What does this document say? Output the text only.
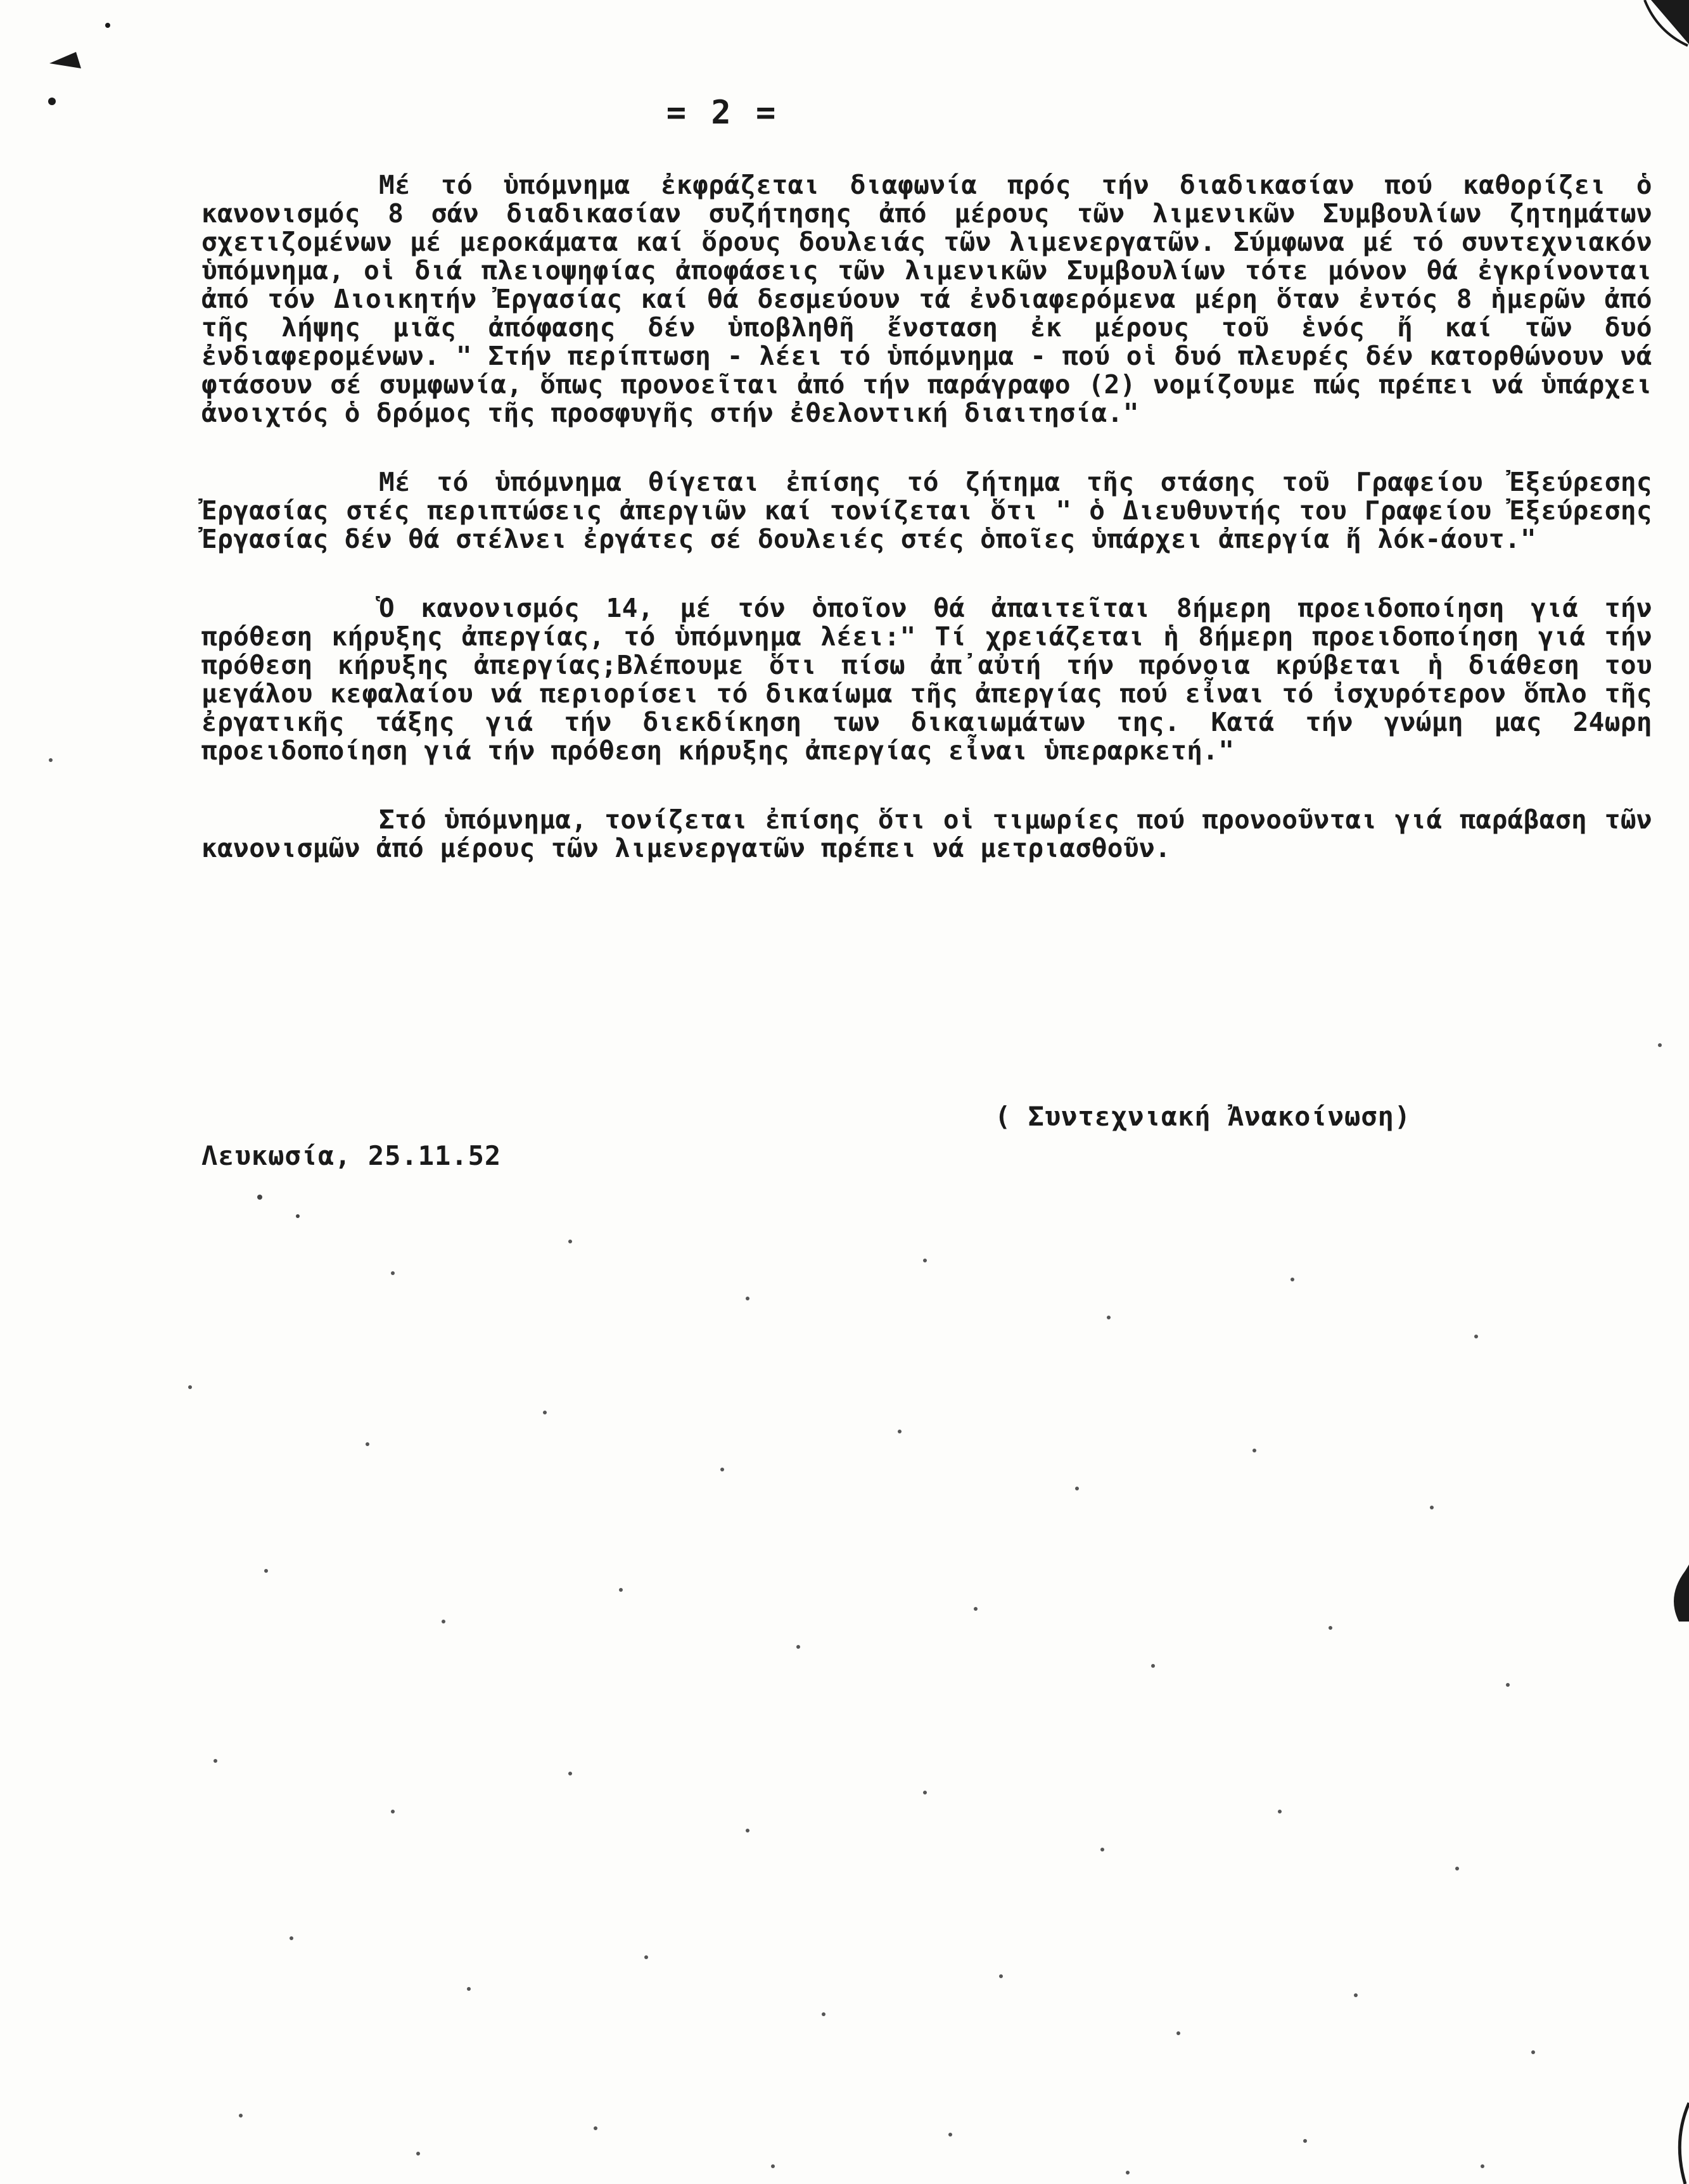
= 2 =

Μέ τό ὑπόμνημα ἐκφράζεται διαφωνία πρός τήν διαδικασίαν πού καθορίζει ὁ κανονισμός 8 σάν διαδικασίαν συζήτησης ἀπό μέρους τῶν λιμενικῶν Συμβουλίων ζητημάτων σχετιζομένων μέ μεροκάματα καί ὅρους δουλειάς τῶν λιμενεργατῶν. Σύμφωνα μέ τό συντεχνιακόν ὑπόμνημα, οἱ διά πλειοψηφίας ἀποφάσεις τῶν λιμενικῶν Συμβουλίων τότε μόνον θά ἐγκρίνονται ἀπό τόν Διοικητήν Ἐργασίας καί θά δεσμεύουν τά ἐνδιαφερόμενα μέρη ὅταν ἐντός 8 ἡμερῶν ἀπό τῆς λήψης μιᾶς ἀπόφασης δέν ὑποβληθῆ ἔνσταση ἐκ μέρους τοῦ ἑνός ἤ καί τῶν δυό ἐνδιαφερομένων. " Στήν περίπτωση - λέει τό ὑπόμνημα - πού οἱ δυό πλευρές δέν κατορθώνουν νά φτάσουν σέ συμφωνία, ὅπως προνοεῖται ἀπό τήν παράγραφο (2) νομίζουμε πώς πρέπει νά ὑπάρχει ἀνοιχτός ὁ δρόμος τῆς προσφυγῆς στήν ἐθελοντική διαιτησία."

Μέ τό ὑπόμνημα θίγεται ἐπίσης τό ζήτημα τῆς στάσης τοῦ Γραφείου Ἐξεύρεσης Ἐργασίας στές περιπτώσεις ἀπεργιῶν καί τονίζεται ὅτι " ὁ Διευθυντής του Γραφείου Ἐξεύρεσης Ἐργασίας δέν θά στέλνει ἐργάτες σέ δουλειές στές ὁποῖες ὑπάρχει ἀπεργία ἤ λόκ-άουτ."

Ὁ κανονισμός 14, μέ τόν ὁποῖον θά ἀπαιτεῖται 8ήμερη προειδοποίηση γιά τήν πρόθεση κήρυξης ἀπεργίας, τό ὑπόμνημα λέει:" Τί χρειάζεται ἡ 8ήμερη προειδοποίηση γιά τήν πρόθεση κήρυξης ἀπεργίας;Βλέπουμε ὅτι πίσω ἀπ᾽αὐτή τήν πρόνοια κρύβεται ἡ διάθεση του μεγάλου κεφαλαίου νά περιορίσει τό δικαίωμα τῆς ἀπεργίας πού εἶναι τό ἰσχυρότερον ὅπλο τῆς ἐργατικῆς τάξης γιά τήν διεκδίκηση των δικαιωμάτων της. Κατά τήν γνώμη μας 24ωρη προειδοποίηση γιά τήν πρόθεση κήρυξης ἀπεργίας εἶναι ὑπεραρκετή."

Στό ὑπόμνημα, τονίζεται ἐπίσης ὅτι οἱ τιμωρίες πού προνοοῦνται γιά παράβαση τῶν κανονισμῶν ἀπό μέρους τῶν λιμενεργατῶν πρέπει νά μετριασθοῦν.

( Συντεχνιακή Ἀνακοίνωση)
Λευκωσία, 25.11.52
